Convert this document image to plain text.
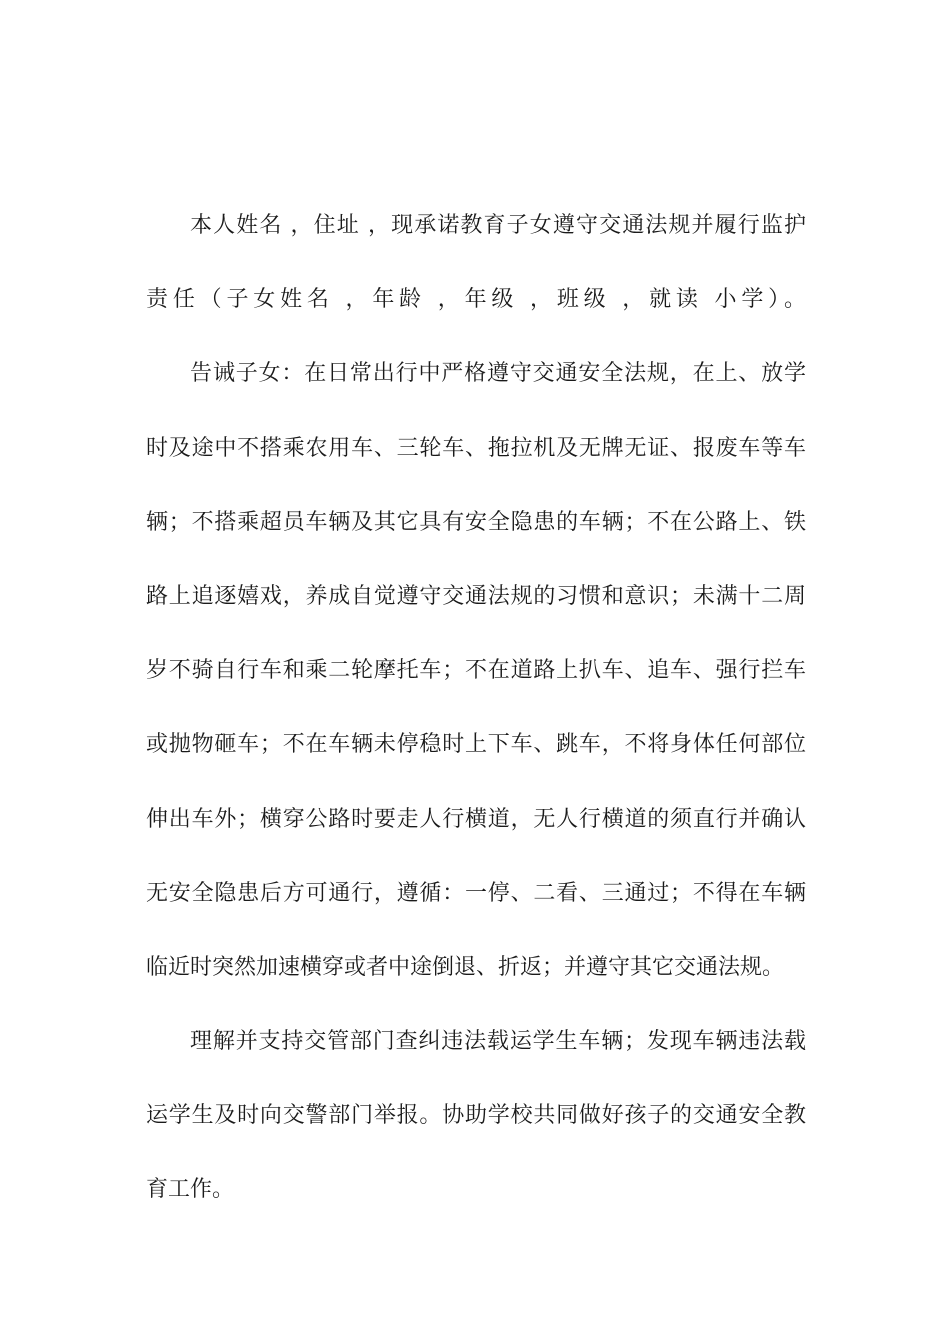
本人姓名 ，住址 ，现承诺教育子女遵守交通法规并履行监护
责任（子女姓名 ，年龄 ，年级 ，班级 ，就读 小学）。
告诫子女：在日常出行中严格遵守交通安全法规，在上、放学
时及途中不搭乘农用车、三轮车、拖拉机及无牌无证、报废车等车
辆；不搭乘超员车辆及其它具有安全隐患的车辆；不在公路上、铁
路上追逐嬉戏，养成自觉遵守交通法规的习惯和意识；未满十二周
岁不骑自行车和乘二轮摩托车；不在道路上扒车、追车、强行拦车
或抛物砸车；不在车辆未停稳时上下车、跳车，不将身体任何部位
伸出车外；横穿公路时要走人行横道，无人行横道的须直行并确认
无安全隐患后方可通行，遵循：一停、二看、三通过；不得在车辆
临近时突然加速横穿或者中途倒退、折返；并遵守其它交通法规。
理解并支持交管部门查纠违法载运学生车辆；发现车辆违法载
运学生及时向交警部门举报。协助学校共同做好孩子的交通安全教
育工作。
